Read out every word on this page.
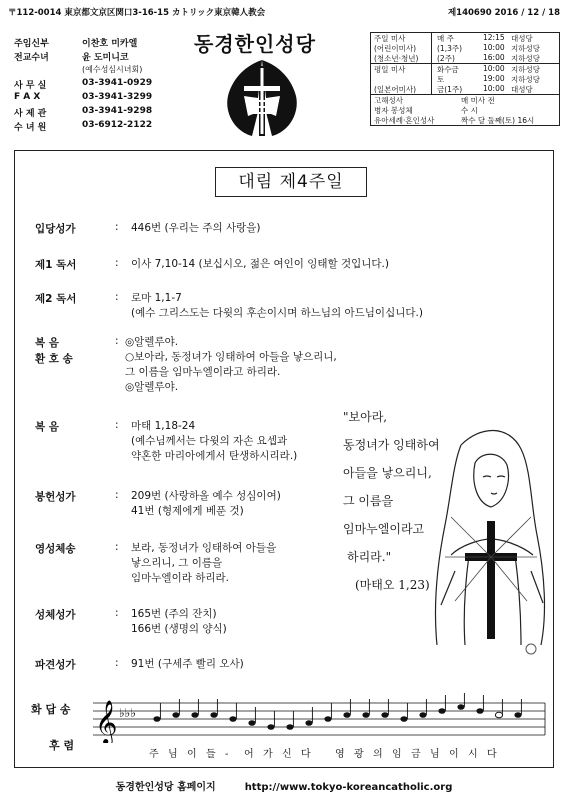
〒112-0014 東京都文京区関口3-16-15 カトリック東京韓人教会	제140690 2016 / 12 / 18
주임신부	이찬호 미카엘
전교수녀	윤 도미니코
(예수성심시녀회)
사 무 실	03-3941-0929
F A X	03-3941-3299
사 제 관	03-3941-9298
수 녀 원	03-6912-2122
동경한인성당	주일 미사	매 주	12:15 대성당
(어린이미사)	(1,3주)	10:00 지하성당
(청소년·청년) (2주)	16:00 지하성당
평일 미사	화수금	10:00 지하성당
토	19:00 지하성당
(일본어미사)	금(1주)	10:00 대성당
고해성사	매 미사 전
병자 봉성체	수 시
유아세례·혼인성사	짝수 달 둘째(토) 16시
대림 제4주일
입당성가	: 446번 (우리는 주의 사랑을)
제1 독서	: 이사 7,10-14 (보십시오, 젊은 여인이 잉태할 것입니다.)
제2 독서	: 로마 1,1-7
(예수 그리스도는 다윗의 후손이시며 하느님의 아드님이십니다.)
복 음
환 호 송
: ◎알렐루야.
○보아라, 동정녀가 잉태하여 아들을 낳으리니,
그 이름을 임마누엘이라고 하리라.
◎알렐루야.
복 음	: 마태 1,18-24
(예수님께서는 다윗의 자손 요셉과
약혼한 마리아에게서 탄생하시리라.)
봉헌성가	: 209번 (사랑하올 예수 성심이여)
41번 (형제에게 베푼 것)
영성체송	: 보라, 동정녀가 잉태하여 아들을
낳으리니, 그 이름을
임마누엘이라 하리라.
성체성가	: 165번 (주의 잔치)
166번 (생명의 양식)
파견성가	: 91번 (구세주 빨리 오사)
"보아라,
동정녀가 잉태하여
아들을 낳으리니,
그 이름을
임마누엘이라고
하리라."
(마태오 1,23)
화 답 송
후 렴
𝄞 ♭♭♭
주 님 이 들 - 어 가 신 다 영 광 의 임 금 님 이 시 다
동경한인성당 홈페이지	http://www.tokyo-koreancatholic.org
